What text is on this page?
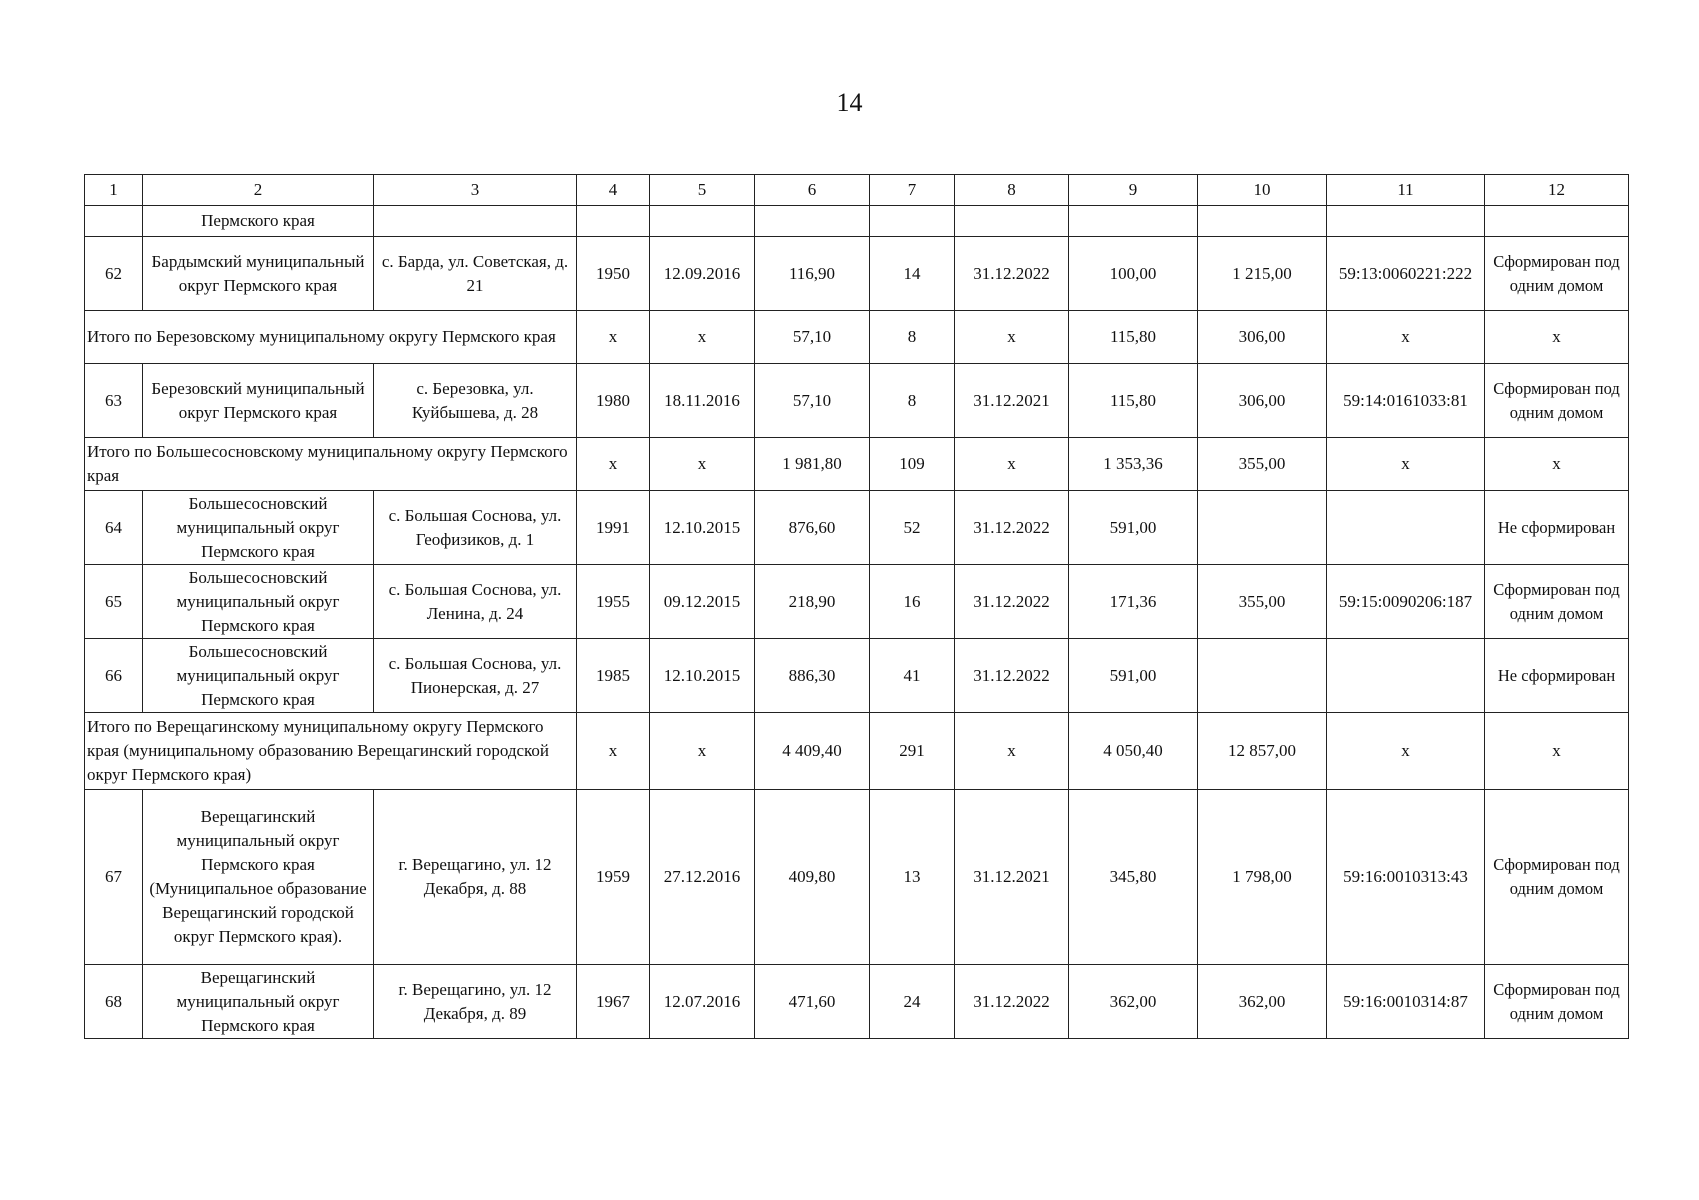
14
1	2	3	4	5	6	7	8	9	10	11	12
	Пермского края										
62	Бардымский муниципальный округ Пермского края	с. Барда, ул. Советская, д. 21	1950	12.09.2016	116,90	14	31.12.2022	100,00	1 215,00	59:13:0060221:222	Сформирован под одним домом
Итого по Березовскому муниципальному округу Пермского края			х	х	57,10	8	х	115,80	306,00	х	х
63	Березовский муниципальный округ Пермского края	с. Березовка, ул. Куйбышева, д. 28	1980	18.11.2016	57,10	8	31.12.2021	115,80	306,00	59:14:0161033:81	Сформирован под одним домом
Итого по Большесосновскому муниципальному округу Пермского края			х	х	1 981,80	109	х	1 353,36	355,00	х	х
64	Большесосновский муниципальный округ Пермского края	с. Большая Соснова, ул. Геофизиков, д. 1	1991	12.10.2015	876,60	52	31.12.2022	591,00			Не сформирован
65	Большесосновский муниципальный округ Пермского края	с. Большая Соснова, ул. Ленина, д. 24	1955	09.12.2015	218,90	16	31.12.2022	171,36	355,00	59:15:0090206:187	Сформирован под одним домом
66	Большесосновский муниципальный округ Пермского края	с. Большая Соснова, ул. Пионерская, д. 27	1985	12.10.2015	886,30	41	31.12.2022	591,00			Не сформирован
Итого по Верещагинскому муниципальному округу Пермского края (муниципальному образованию Верещагинский городской округ Пермского края)			х	х	4 409,40	291	х	4 050,40	12 857,00	х	х
67	Верещагинский муниципальный округ Пермского края (Муниципальное образование Верещагинский городской округ Пермского края).	г. Верещагино, ул. 12 Декабря, д. 88	1959	27.12.2016	409,80	13	31.12.2021	345,80	1 798,00	59:16:0010313:43	Сформирован под одним домом
68	Верещагинский муниципальный округ Пермского края	г. Верещагино, ул. 12 Декабря, д. 89	1967	12.07.2016	471,60	24	31.12.2022	362,00	362,00	59:16:0010314:87	Сформирован под одним домом
